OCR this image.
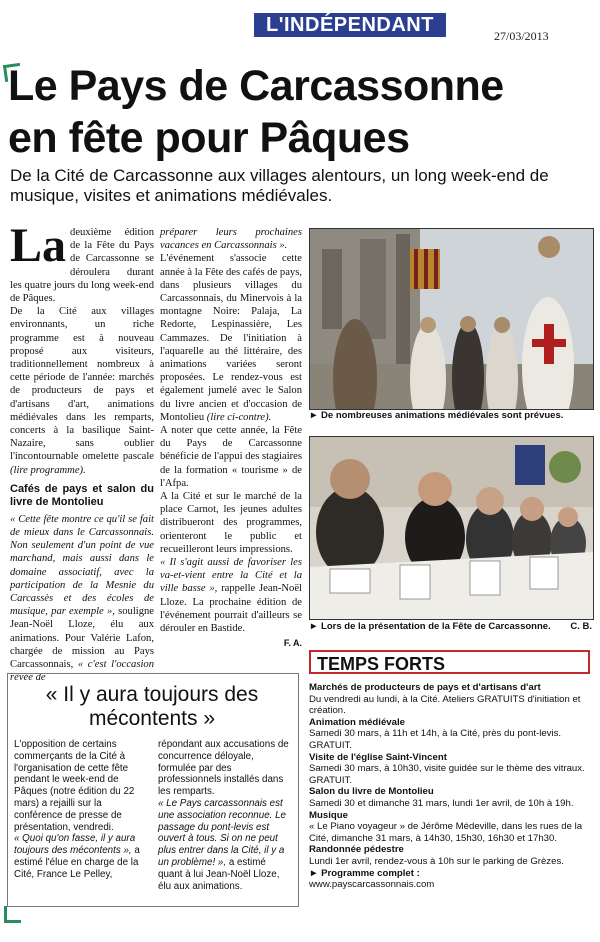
L'INDÉPENDANT	27/03/2013
Le Pays de Carcassonne
en fête pour Pâques
De la Cité de Carcassonne aux villages alentours, un long week-end de musique, visites et animations médiévales.

La deuxième édition de la Fête du Pays de Carcassonne se déroulera durant les quatre jours du long week-end de Pâques.

De la Cité aux villages environnants, un riche programme est à nouveau proposé aux visiteurs, traditionnellement nombreux à cette période de l'année: marchés de producteurs de pays et d'artisans d'art, animations médiévales dans les remparts, concerts à la basilique Saint-Nazaire, sans oublier l'incontournable omelette pascale (lire programme).

Cafés de pays et salon du livre de Montolieu

« Cette fête montre ce qu'il se fait de mieux dans le Carcassonnais. Non seulement d'un point de vue marchand, mais aussi dans le domaine associatif, avec la participation de la Mesnie du Carcassès et des écoles de musique, par exemple », souligne Jean-Noël Lloze, élu aux animations. Pour Valérie Lafon, chargée de mission au Pays Carcassonnais, « c'est l'occasion rêvée de

préparer leurs prochaines vacances en Carcassonnais ».

L'événement s'associe cette année à la Fête des cafés de pays, dans plusieurs villages du Carcassonnais, du Minervois à la montagne Noire: Palaja, La Redorte, Lespinassière, Les Cammazes. De l'initiation à l'aquarelle au thé littéraire, des animations variées seront proposées. Le rendez-vous est également jumelé avec le Salon du livre ancien et d'occasion de Montolieu (lire ci-contre).

A noter que cette année, la Fête du Pays de Carcassonne bénéficie de l'appui des stagiaires de la formation « tourisme » de l'Afpa.

A la Cité et sur le marché de la place Carnot, les jeunes adultes distribueront des programmes, orienteront le public et recueilleront leurs impressions.

« Il s'agit aussi de favoriser les va-et-vient entre la Cité et la ville basse », rappelle Jean-Noël Lloze. La prochaine édition de l'événement pourrait d'ailleurs se dérouler en Bastide.

F. A.
► De nombreuses animations médiévales sont prévues.
► Lors de la présentation de la Fête de Carcassonne. C. B.
TEMPS FORTS

Marchés de producteurs de pays et d'artisans d'art

Du vendredi au lundi, à la Cité. Ateliers GRATUITS d'initiation et création.

Animation médiévale

Samedi 30 mars, à 11h et 14h, à la Cité, près du pont-levis. GRATUIT.

Visite de l'église Saint-Vincent

Samedi 30 mars, à 10h30, visite guidée sur le thème des vitraux. GRATUIT.

Salon du livre de Montolieu

Samedi 30 et dimanche 31 mars, lundi 1er avril, de 10h à 19h.

Musique

« Le Piano voyageur » de Jérôme Médeville, dans les rues de la Cité, dimanche 31 mars, à 14h30, 15h30, 16h30 et 17h30.

Randonnée pédestre

Lundi 1er avril, rendez-vous à 10h sur le parking de Grèzes.

► Programme complet :

www.payscarcassonnais.com

« Il y aura toujours des mécontents »

L'opposition de certains commerçants de la Cité à l'organisation de cette fête pendant le week-end de Pâques (notre édition du 22 mars) a rejailli sur la conférence de presse de présentation, vendredi.

« Quoi qu'on fasse, il y aura toujours des mécontents », a estimé l'élue en charge de la Cité, France Le Pelley,

répondant aux accusations de concurrence déloyale, formulée par des professionnels installés dans les remparts.

« Le Pays carcassonnais est une association reconnue. Le passage du pont-levis est ouvert à tous. Si on ne peut plus entrer dans la Cité, il y a un problème! », a estimé quant à lui Jean-Noël Lloze, élu aux animations.
